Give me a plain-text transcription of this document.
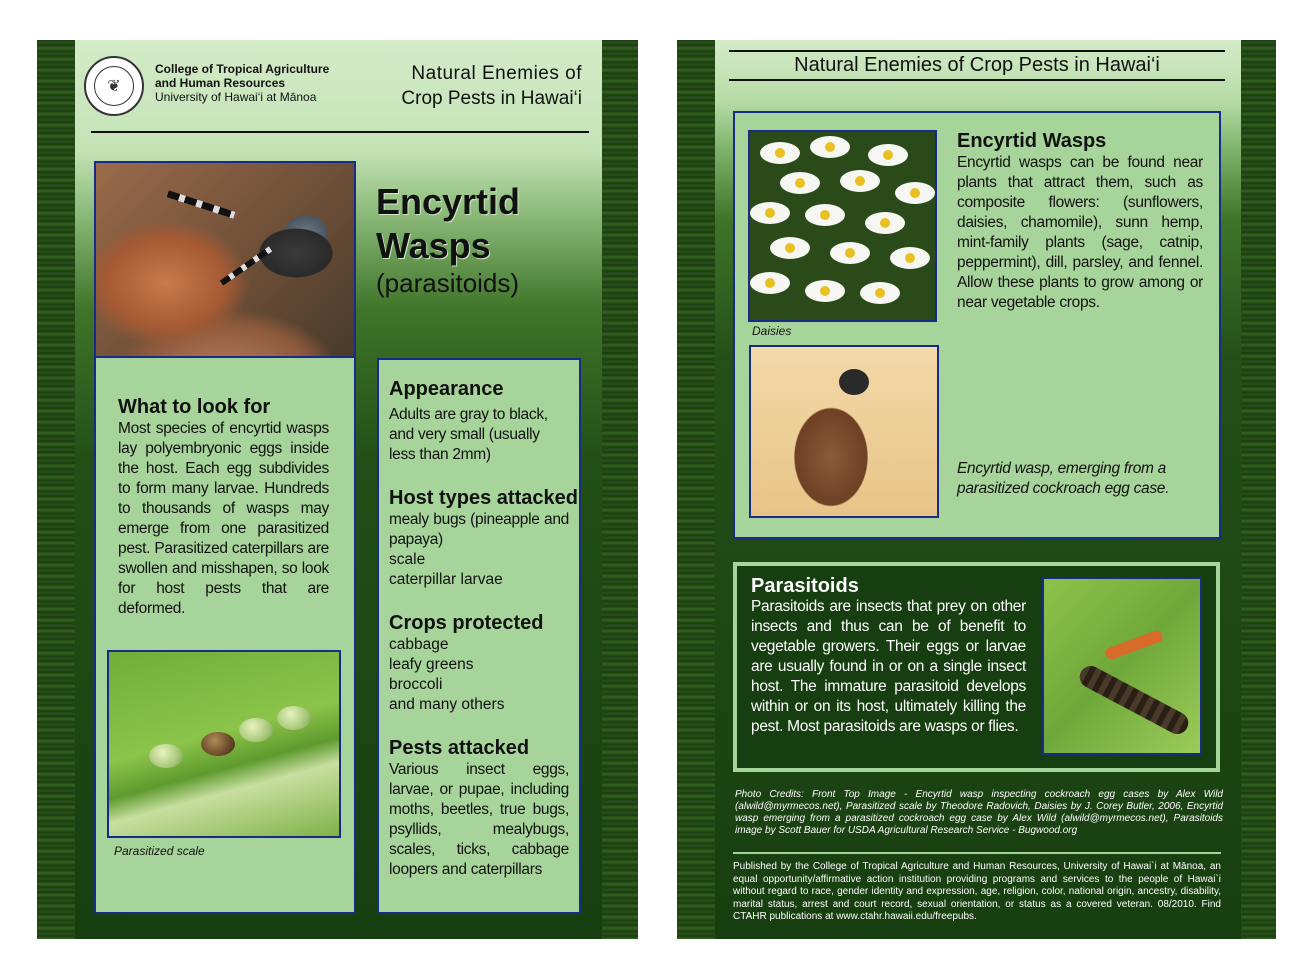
❦
College of Tropical Agriculture
and Human Resources
University of Hawai‘i at Mānoa
Natural Enemies of
Crop Pests in Hawai‘i
Encyrtid
Wasps
(parasitoids)
What to look for
Most species of encyrtid wasps lay polyembryonic eggs inside the host. Each egg subdivides to form many larvae. Hundreds to thousands of wasps may emerge from one parasitized pest. Parasitized caterpillars are swollen and misshapen, so look for host pests that are deformed.
Parasitized scale
Appearance
Adults are gray to black, and very small (usually less than 2mm)
Host types attacked
mealy bugs (pineapple and papaya)
scale
caterpillar larvae
Crops protected
cabbage
leafy greens
broccoli
and many others
Pests attacked
Various insect eggs, larvae, or pupae, including moths, beetles, true bugs, psyllids, mealybugs, scales, ticks, cabbage loopers and caterpillars
Natural Enemies of Crop Pests in Hawai‘i
Daisies
Encyrtid Wasps
Encyrtid wasps can be found near plants that attract them, such as composite flowers: (sunflowers, daisies, chamomile), sunn hemp, mint-family plants (sage, catnip, peppermint), dill, parsley, and fennel. Allow these plants to grow among or near vegetable crops.
Encyrtid wasp, emerging from a parasitized cockroach egg case.
Parasitoids
Parasitoids are insects that prey on other insects and thus can be of benefit to vegetable growers. Their eggs or larvae are usually found in or on a single insect host. The immature parasitoid develops within or on its host, ultimately killing the pest. Most parasitoids are wasps or flies.
Photo Credits: Front Top Image - Encyrtid wasp inspecting cockroach egg cases by Alex Wild (alwild@myrmecos.net), Parasitized scale by Theodore Radovich, Daisies by J. Corey Butler, 2006, Encyrtid wasp emerging from a parasitized cockroach egg case by Alex Wild (alwild@myrmecos.net), Parasitoids image by Scott Bauer for USDA Agricultural Research Service - Bugwood.org
Published by the College of Tropical Agriculture and Human Resources, University of Hawai`i at Mānoa, an equal opportunity/affirmative action institution providing programs and services to the people of Hawai`i without regard to race, gender identity and expression, age, religion, color, national origin, ancestry, disability, marital status, arrest and court record, sexual orientation, or status as a covered veteran. 08/2010. Find CTAHR publications at www.ctahr.hawaii.edu/freepubs.
